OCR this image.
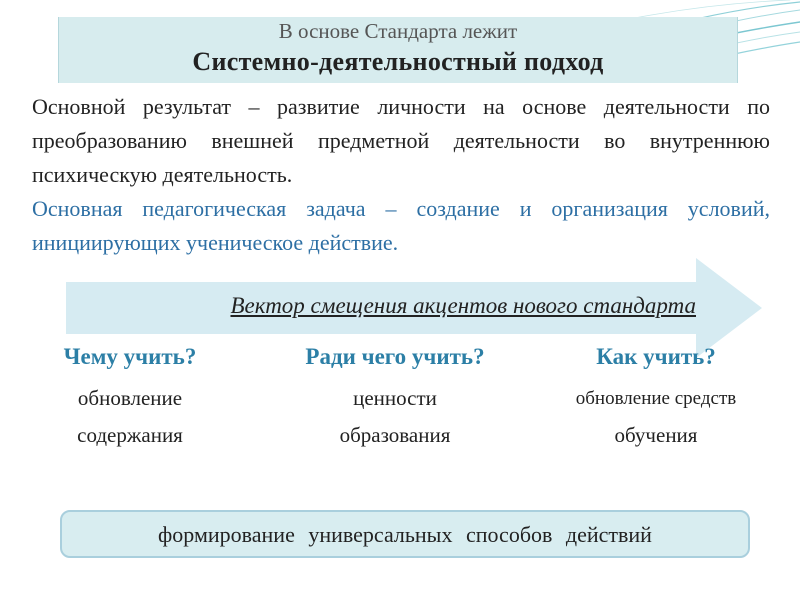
В основе Стандарта лежит
Системно-деятельностный подход

Основной результат – развитие личности на основе деятельности по преобразованию внешней предметной деятельности во внутреннюю психическую деятельность.

Основная педагогическая задача – создание и организация условий, инициирующих ученическое действие.

Вектор смещения акцентов нового стандарта
Чему учить?
обновление
содержания
Ради чего учить?
ценности
образования
Как учить?
обновление средств
обучения
формирование универсальных способов действий
